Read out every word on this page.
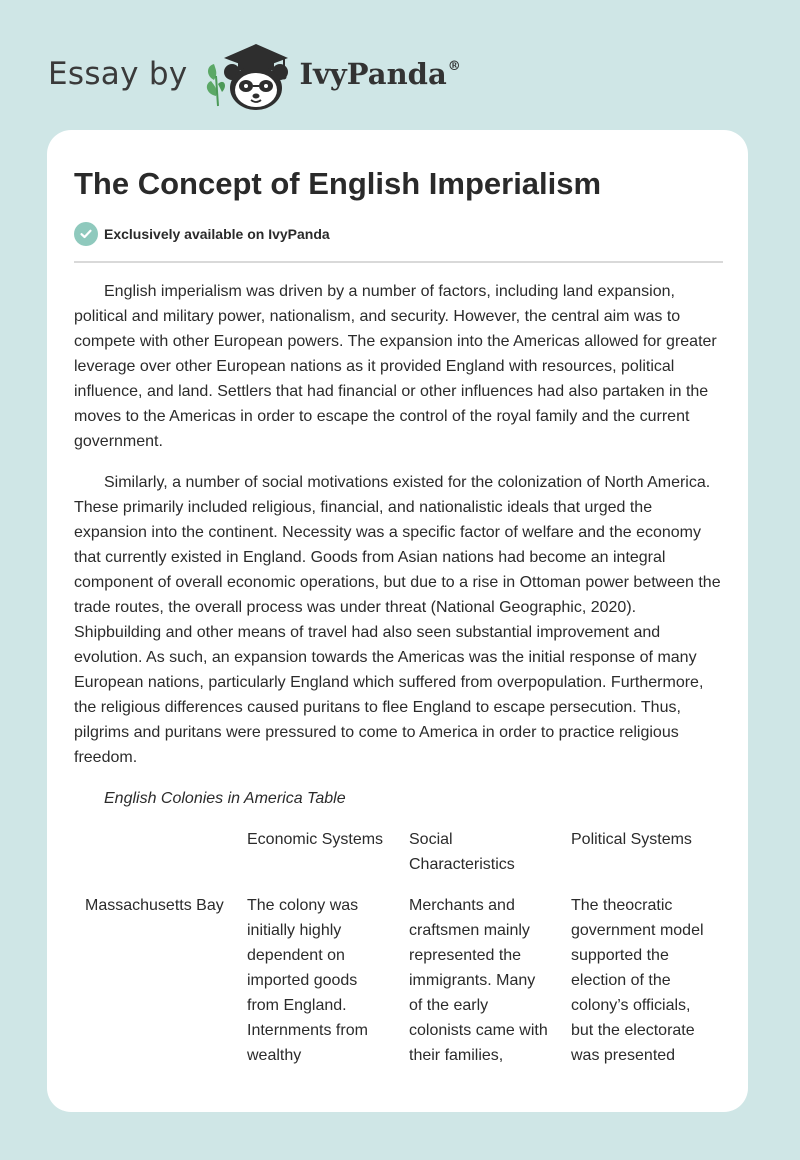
Essay by	IvyPanda®
The Concept of English Imperialism
Exclusively available on IvyPanda

English imperialism was driven by a number of factors, including land expansion, political and military power, nationalism, and security. However, the central aim was to compete with other European powers. The expansion into the Americas allowed for greater leverage over other European nations as it provided England with resources, political influence, and land. Settlers that had financial or other influences had also partaken in the moves to the Americas in order to escape the control of the royal family and the current government.

Similarly, a number of social motivations existed for the colonization of North America. These primarily included religious, financial, and nationalistic ideals that urged the expansion into the continent. Necessity was a specific factor of welfare and the economy that currently existed in England. Goods from Asian nations had become an integral component of overall economic operations, but due to a rise in Ottoman power between the trade routes, the overall process was under threat (National Geographic, 2020). Shipbuilding and other means of travel had also seen substantial improvement and evolution. As such, an expansion towards the Americas was the initial response of many European nations, particularly England which suffered from overpopulation. Furthermore, the religious differences caused puritans to flee England to escape persecution. Thus, pilgrims and puritans were pressured to come to America in order to practice religious freedom.

English Colonies in America Table

	Economic Systems	Social Characteristics	Political Systems
Massachusetts Bay	The colony was initially highly dependent on imported goods from England. Internments from wealthy	Merchants and craftsmen mainly represented the immigrants. Many of the early colonists came with their families,	The theocratic government model supported the election of the colony’s officials, but the electorate was presented
